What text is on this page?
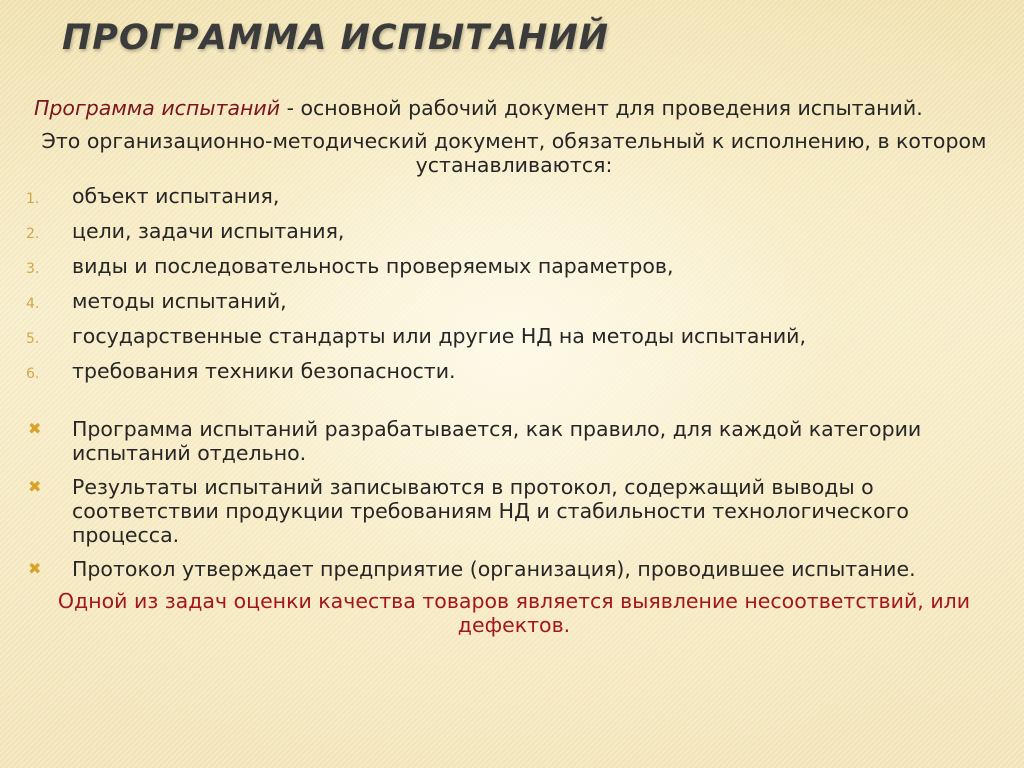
ПРОГРАММА ИСПЫТАНИЙ

Программа испытаний - основной рабочий документ для проведения испытаний.

Это организационно-методический документ, обязательный к исполнению, в котором устанавливаются:

1. объект испытания,
2. цели, задачи испытания,
3. виды и последовательность проверяемых параметров,
4. методы испытаний,
5. государственные стандарты или другие НД на методы испытаний,
6. требования техники безопасности.
✖ Программа испытаний разрабатывается, как правило, для каждой категории испытаний отдельно.
✖ Результаты испытаний записываются в протокол, содержащий выводы о соответствии продукции требованиям НД и стабильности технологического процесса.
✖ Протокол утверждает предприятие (организация), проводившее испытание.

Одной из задач оценки качества товаров является выявление несоответствий, или дефектов.
